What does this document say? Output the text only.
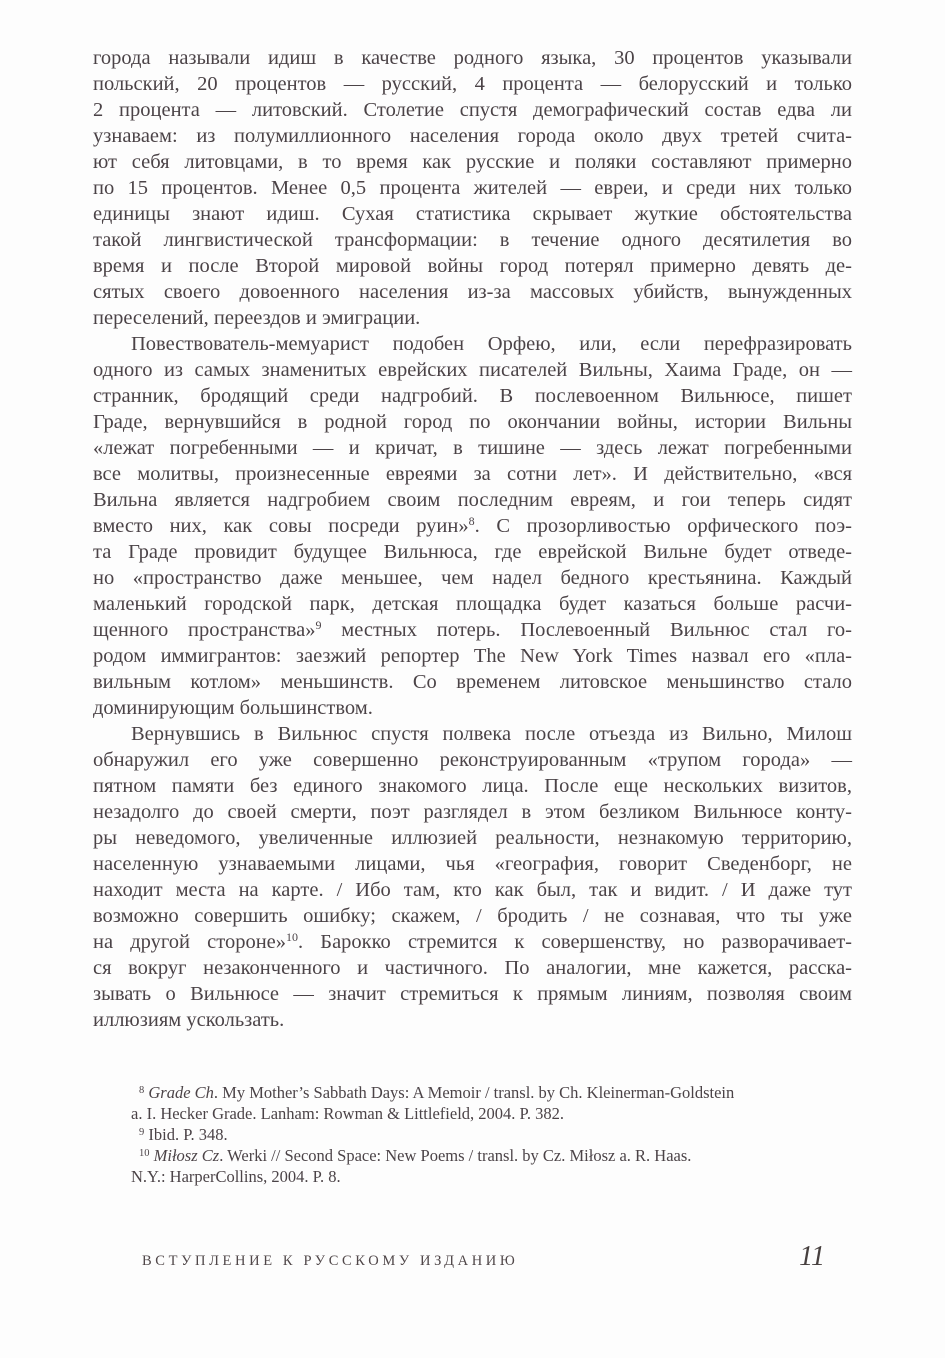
города называли идиш в качестве родного языка, 30 процентов указывали
польский, 20 процентов — русский, 4 процента — белорусский и только
2 процента — литовский. Столетие спустя демографический состав едва ли
узнаваем: из полумиллионного населения города около двух третей счита-
ют себя литовцами, в то время как русские и поляки составляют примерно
по 15 процентов. Менее 0,5 процента жителей — евреи, и среди них только
единицы знают идиш. Сухая статистика скрывает жуткие обстоятельства
такой лингвистической трансформации: в течение одного десятилетия во
время и после Второй мировой войны город потерял примерно девять де-
сятых своего довоенного населения из-за массовых убийств, вынужденных
переселений, переездов и эмиграции.
Повествователь-мемуарист подобен Орфею, или, если перефразировать
одного из самых знаменитых еврейских писателей Вильны, Хаима Граде, он —
странник, бродящий среди надгробий. В послевоенном Вильнюсе, пишет
Граде, вернувшийся в родной город по окончании войны, истории Вильны
«лежат погребенными — и кричат, в тишине — здесь лежат погребенными
все молитвы, произнесенные евреями за сотни лет». И действительно, «вся
Вильна является надгробием своим последним евреям, и гои теперь сидят
вместо них, как совы посреди руин»$^8$. С прозорливостью орфического поэ-
та Граде провидит будущее Вильнюса, где еврейской Вильне будет отведе-
но «пространство даже меньшее, чем надел бедного крестьянина. Каждый
маленький городской парк, детская площадка будет казаться больше расчи-
щенного пространства»$^9$ местных потерь. Послевоенный Вильнюс стал го-
родом иммигрантов: заезжий репортер The New York Times назвал его «пла-
вильным котлом» меньшинств. Со временем литовское меньшинство стало
доминирующим большинством.
Вернувшись в Вильнюс спустя полвека после отъезда из Вильно, Милош
обнаружил его уже совершенно реконструированным «трупом города» —
пятном памяти без единого знакомого лица. После еще нескольких визитов,
незадолго до своей смерти, поэт разглядел в этом безликом Вильнюсе конту-
ры неведомого, увеличенные иллюзией реальности, незнакомую территорию,
населенную узнаваемыми лицами, чья «география, говорит Сведенборг, не
находит места на карте. / Ибо там, кто как был, так и видит. / И даже тут
возможно совершить ошибку; скажем, / бродить / не сознавая, что ты уже
на другой стороне»$^{10}$. Барокко стремится к совершенству, но разворачивает-
ся вокруг незаконченного и частичного. По аналогии, мне кажется, расска-
зывать о Вильнюсе — значит стремиться к прямым линиям, позволяя своим
иллюзиям ускользать.
$^8$ Grade Ch. My Mother’s Sabbath Days: A Memoir / transl. by Ch. Kleinerman-Goldstein
a. I. Hecker Grade. Lanham: Rowman & Littlefield, 2004. P. 382.
$^9$ Ibid. P. 348.
$^{10}$ Miłosz Cz. Werki // Second Space: New Poems / transl. by Cz. Miłosz a. R. Haas.
N.Y.: HarperCollins, 2004. P. 8.
ВСТУПЛЕНИЕ К РУССКОМУ ИЗДАНИЮ	11
